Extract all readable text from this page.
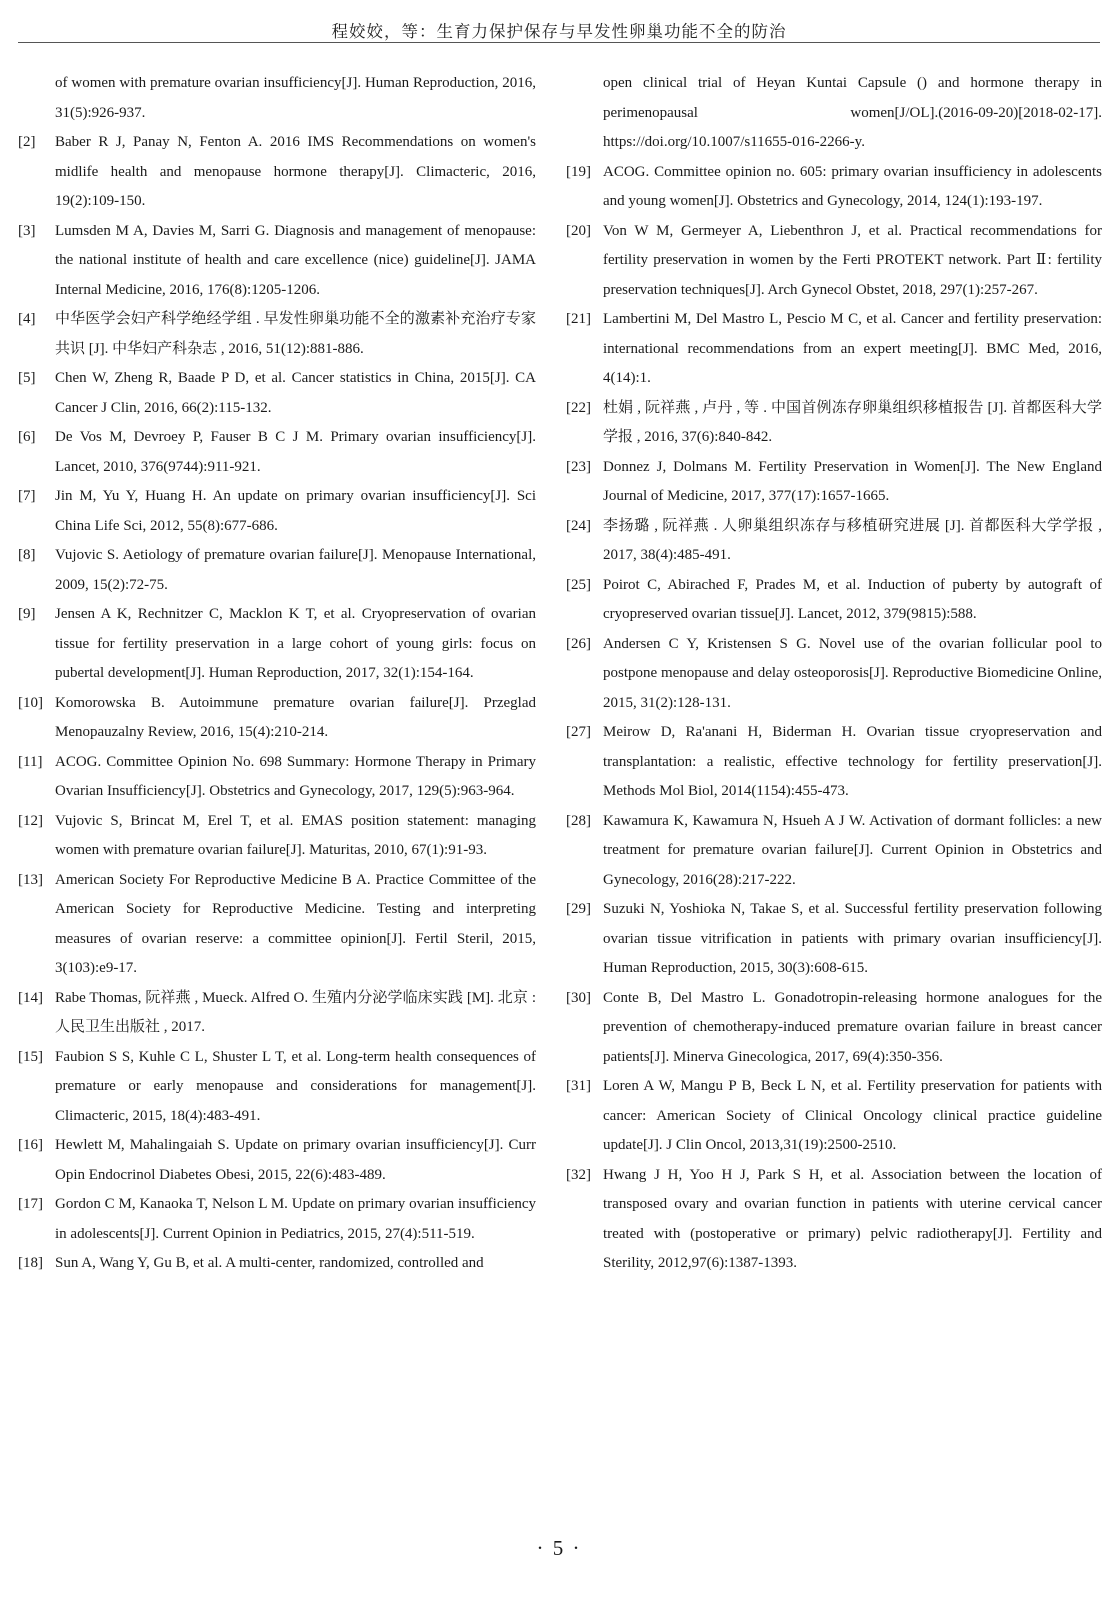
程姣姣，等：生育力保护保存与早发性卵巢功能不全的防治
of women with premature ovarian insufficiency[J]. Human Reproduction, 2016, 31(5):926-937.
[2]	Baber R J, Panay N, Fenton A. 2016 IMS Recommendations on women's midlife health and menopause hormone therapy[J]. Climacteric, 2016, 19(2):109-150.
[3]	Lumsden M A, Davies M, Sarri G. Diagnosis and management of menopause: the national institute of health and care excellence (nice) guideline[J]. JAMA Internal Medicine, 2016, 176(8):1205-1206.
[4]	中华医学会妇产科学绝经学组 . 早发性卵巢功能不全的激素补充治疗专家共识 [J]. 中华妇产科杂志 , 2016, 51(12):881-886.
[5]	Chen W, Zheng R, Baade P D, et al. Cancer statistics in China, 2015[J]. CA Cancer J Clin, 2016, 66(2):115-132.
[6]	De Vos M, Devroey P, Fauser B C J M. Primary ovarian insufficiency[J]. Lancet, 2010, 376(9744):911-921.
[7]	Jin M, Yu Y, Huang H. An update on primary ovarian insufficiency[J]. Sci China Life Sci, 2012, 55(8):677-686.
[8]	Vujovic S. Aetiology of premature ovarian failure[J]. Menopause International, 2009, 15(2):72-75.
[9]	Jensen A K, Rechnitzer C, Macklon K T, et al. Cryopreservation of ovarian tissue for fertility preservation in a large cohort of young girls: focus on pubertal development[J]. Human Reproduction, 2017, 32(1):154-164.
[10] Komorowska B. Autoimmune premature ovarian failure[J]. Przeglad Menopauzalny Review, 2016, 15(4):210-214.
[11] ACOG. Committee Opinion No. 698 Summary: Hormone Therapy in Primary Ovarian Insufficiency[J]. Obstetrics and Gynecology, 2017, 129(5):963-964.
[12] Vujovic S, Brincat M, Erel T, et al. EMAS position statement: managing women with premature ovarian failure[J]. Maturitas, 2010, 67(1):91-93.
[13] American Society For Reproductive Medicine B A. Practice Committee of the American Society for Reproductive Medicine. Testing and interpreting measures of ovarian reserve: a committee opinion[J]. Fertil Steril, 2015, 3(103):e9-17.
[14] Rabe Thomas, 阮祥燕 , Mueck. Alfred O. 生殖内分泌学临床实践 [M]. 北京 : 人民卫生出版社 , 2017.
[15] Faubion S S, Kuhle C L, Shuster L T, et al. Long-term health consequences of premature or early menopause and considerations for management[J]. Climacteric, 2015, 18(4):483-491.
[16] Hewlett M, Mahalingaiah S. Update on primary ovarian insufficiency[J]. Curr Opin Endocrinol Diabetes Obesi, 2015, 22(6):483-489.
[17] Gordon C M, Kanaoka T, Nelson L M. Update on primary ovarian insufficiency in adolescents[J]. Current Opinion in Pediatrics, 2015, 27(4):511-519.
[18] Sun A, Wang Y, Gu B, et al. A multi-center, randomized, controlled and
open clinical trial of Heyan Kuntai Capsule () and hormone therapy in perimenopausal women[J/OL].(2016-09-20)[2018-02-17]. https://doi.org/10.1007/s11655-016-2266-y.
[19] ACOG. Committee opinion no. 605: primary ovarian insufficiency in adolescents and young women[J]. Obstetrics and Gynecology, 2014, 124(1):193-197.
[20] Von W M, Germeyer A, Liebenthron J, et al. Practical recommendations for fertility preservation in women by the Ferti PROTEKT network. Part Ⅱ: fertility preservation techniques[J]. Arch Gynecol Obstet, 2018, 297(1):257-267.
[21] Lambertini M, Del Mastro L, Pescio M C, et al. Cancer and fertility preservation: international recommendations from an expert meeting[J]. BMC Med, 2016, 4(14):1.
[22] 杜娟 , 阮祥燕 , 卢丹 , 等 . 中国首例冻存卵巢组织移植报告 [J]. 首都医科大学学报 , 2016, 37(6):840-842.
[23] Donnez J, Dolmans M. Fertility Preservation in Women[J]. The New England Journal of Medicine, 2017, 377(17):1657-1665.
[24] 李扬璐 , 阮祥燕 . 人卵巢组织冻存与移植研究进展 [J]. 首都医科大学学报 , 2017, 38(4):485-491.
[25] Poirot C, Abirached F, Prades M, et al. Induction of puberty by autograft of cryopreserved ovarian tissue[J]. Lancet, 2012, 379(9815):588.
[26] Andersen C Y, Kristensen S G. Novel use of the ovarian follicular pool to postpone menopause and delay osteoporosis[J]. Reproductive Biomedicine Online, 2015, 31(2):128-131.
[27] Meirow D, Ra'anani H, Biderman H. Ovarian tissue cryopreservation and transplantation: a realistic, effective technology for fertility preservation[J]. Methods Mol Biol, 2014(1154):455-473.
[28] Kawamura K, Kawamura N, Hsueh A J W. Activation of dormant follicles: a new treatment for premature ovarian failure[J]. Current Opinion in Obstetrics and Gynecology, 2016(28):217-222.
[29] Suzuki N, Yoshioka N, Takae S, et al. Successful fertility preservation following ovarian tissue vitrification in patients with primary ovarian insufficiency[J]. Human Reproduction, 2015, 30(3):608-615.
[30] Conte B, Del Mastro L. Gonadotropin-releasing hormone analogues for the prevention of chemotherapy-induced premature ovarian failure in breast cancer patients[J]. Minerva Ginecologica, 2017, 69(4):350-356.
[31] Loren A W, Mangu P B, Beck L N, et al. Fertility preservation for patients with cancer: American Society of Clinical Oncology clinical practice guideline update[J]. J Clin Oncol, 2013,31(19):2500-2510.
[32] Hwang J H, Yoo H J, Park S H, et al. Association between the location of transposed ovary and ovarian function in patients with uterine cervical cancer treated with (postoperative or primary) pelvic radiotherapy[J]. Fertility and Sterility, 2012,97(6):1387-1393.
· 5 ·
